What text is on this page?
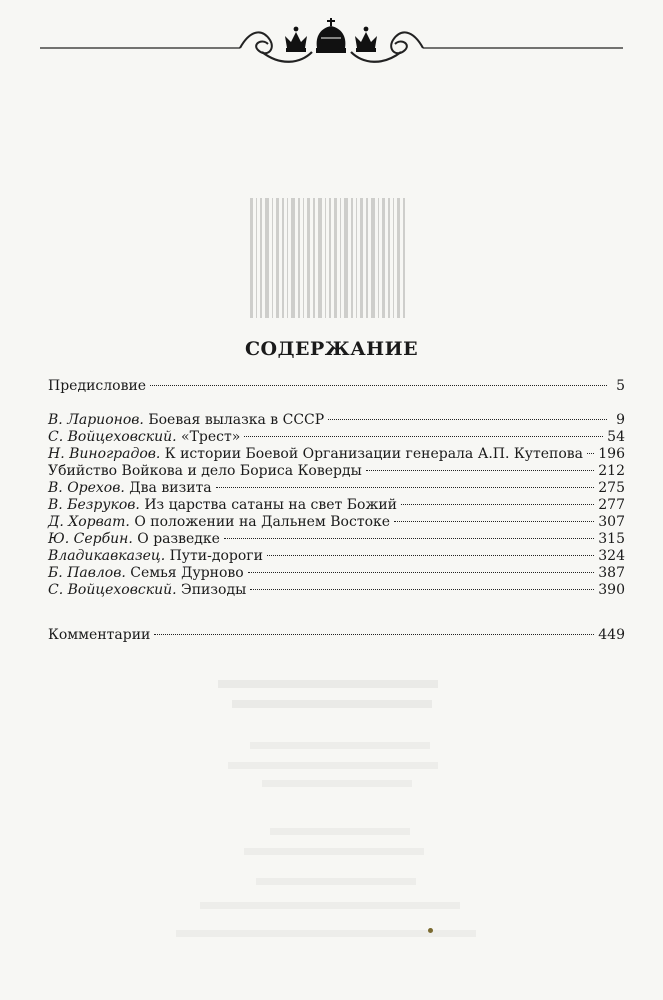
СОДЕРЖАНИЕ
Предисловие	5
В. Ларионов. Боевая вылазка в СССР	9
С. Войцеховский. «Трест»	54
Н. Виноградов. К истории Боевой Организации генерала А.П. Кутепова 196
Убийство Войкова и дело Бориса Коверды	212
В. Орехов. Два визита	275
В. Безруков. Из царства сатаны на свет Божий	277
Д. Хорват. О положении на Дальнем Востоке	307
Ю. Сербин. О разведке	315
Владикавказец. Пути-дороги	324
Б. Павлов. Семья Дурново	387
С. Войцеховский. Эпизоды	390
Комментарии	449
